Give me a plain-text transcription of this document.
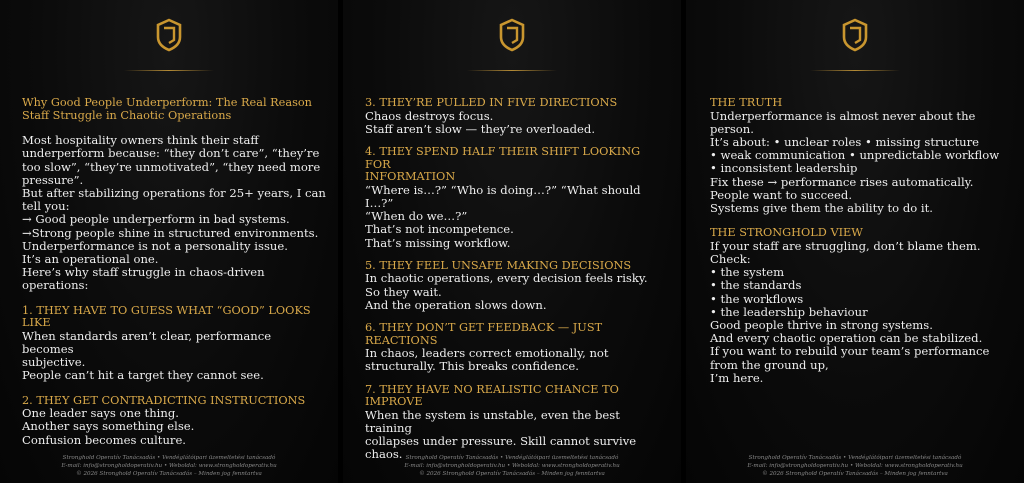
Why Good People Underperform: The Real Reason
Staff Struggle in Chaotic Operations

Most hospitality owners think their staff
underperform because: “they don’t care”, “they’re
too slow”, “they’re unmotivated”, “they need more
pressure”.
But after stabilizing operations for 25+ years, I can
tell you:
→ Good people underperform in bad systems.
→Strong people shine in structured environments.
Underperformance is not a personality issue.
It’s an operational one.
Here’s why staff struggle in chaos-driven
operations:

1. THEY HAVE TO GUESS WHAT “GOOD” LOOKS
LIKE

When standards aren’t clear, performance becomes
subjective.
People can’t hit a target they cannot see.

2. THEY GET CONTRADICTING INSTRUCTIONS

One leader says one thing.
Another says something else.
Confusion becomes culture.

Stronghold Operatív Tanácsadás • Vendéglátóipari üzemeltetési tanácsadó
E-mail: info@strongholdoperativ.hu • Weboldal: www.strongholdoperativ.hu
© 2026 Stronghold Operatív Tanácsadás – Minden jog fenntartva

3. THEY’RE PULLED IN FIVE DIRECTIONS

Chaos destroys focus.
Staff aren’t slow — they’re overloaded.

4. THEY SPEND HALF THEIR SHIFT LOOKING FOR
INFORMATION

“Where is…?” “Who is doing…?” “What should I…?”
“When do we…?”
That’s not incompetence.
That’s missing workflow.

5. THEY FEEL UNSAFE MAKING DECISIONS

In chaotic operations, every decision feels risky.
So they wait.
And the operation slows down.

6. THEY DON’T GET FEEDBACK — JUST
REACTIONS

In chaos, leaders correct emotionally, not
structurally. This breaks confidence.

7. THEY HAVE NO REALISTIC CHANCE TO
IMPROVE

When the system is unstable, even the best training
collapses under pressure. Skill cannot survive
chaos. Stronghold Operatív Tanácsadás • Vendéglátóipari üzemeltetési tanácsadó
E-mail: info@strongholdoperativ.hu • Weboldal: www.strongholdoperativ.hu
© 2026 Stronghold Operatív Tanácsadás – Minden jog fenntartva

THE TRUTH

Underperformance is almost never about the
person.
It’s about: • unclear roles • missing structure
• weak communication • unpredictable workflow
• inconsistent leadership
Fix these → performance rises automatically.
People want to succeed.
Systems give them the ability to do it.

THE STRONGHOLD VIEW

If your staff are struggling, don’t blame them.
Check:
• the system
• the standards
• the workflows
• the leadership behaviour
Good people thrive in strong systems.
And every chaotic operation can be stabilized.
If you want to rebuild your team’s performance
from the ground up,
I’m here.

Stronghold Operatív Tanácsadás • Vendéglátóipari üzemeltetési tanácsadó
E-mail: info@strongholdoperativ.hu • Weboldal: www.strongholdoperativ.hu
© 2026 Stronghold Operatív Tanácsadás – Minden jog fenntartva
